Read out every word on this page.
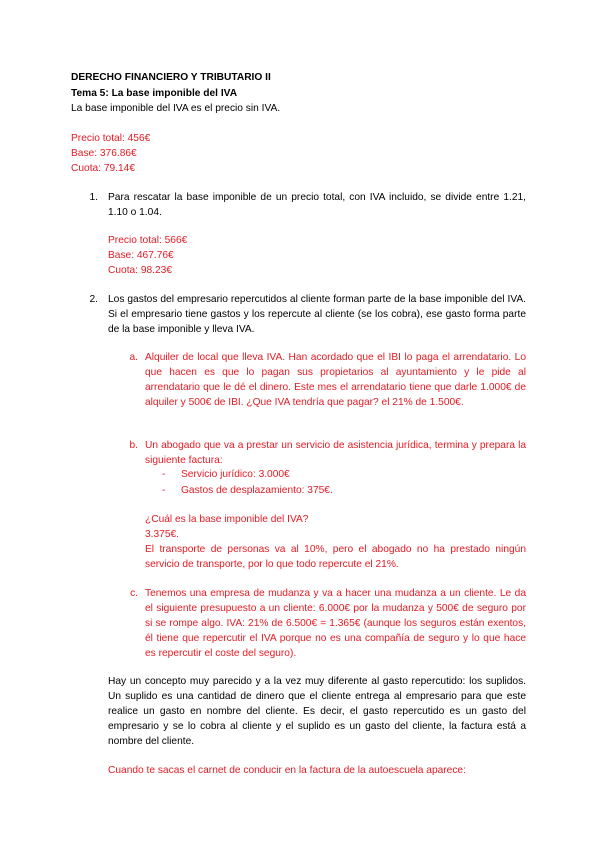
DERECHO FINANCIERO Y TRIBUTARIO II
Tema 5: La base imponible del IVA
La base imponible del IVA es el precio sin IVA.
Precio total: 456€
Base: 376.86€
Cuota: 79.14€
1. Para rescatar la base imponible de un precio total, con IVA incluido, se divide entre 1.21, 1.10 o 1.04.
Precio total: 566€
Base: 467.76€
Cuota: 98.23€
2. Los gastos del empresario repercutidos al cliente forman parte de la base imponible del IVA. Si el empresario tiene gastos y los repercute al cliente (se los cobra), ese gasto forma parte de la base imponible y lleva IVA.
a. Alquiler de local que lleva IVA. Han acordado que el IBI lo paga el arrendatario. Lo que hacen es que lo pagan sus propietarios al ayuntamiento y le pide al arrendatario que le dé el dinero. Este mes el arrendatario tiene que darle 1.000€ de alquiler y 500€ de IBI. ¿Que IVA tendría que pagar? el 21% de 1.500€.
b. Un abogado que va a prestar un servicio de asistencia jurídica, termina y prepara la siguiente factura:
- Servicio jurídico: 3.000€
- Gastos de desplazamiento: 375€.
¿Cuál es la base imponible del IVA?
3.375€.
El transporte de personas va al 10%, pero el abogado no ha prestado ningún servicio de transporte, por lo que todo repercute el 21%.
c. Tenemos una empresa de mudanza y va a hacer una mudanza a un cliente. Le da el siguiente presupuesto a un cliente: 6.000€ por la mudanza y 500€ de seguro por si se rompe algo. IVA: 21% de 6.500€ = 1.365€ (aunque los seguros están exentos, él tiene que repercutir el IVA porque no es una compañía de seguro y lo que hace es repercutir el coste del seguro).
Hay un concepto muy parecido y a la vez muy diferente al gasto repercutido: los suplidos. Un suplido es una cantidad de dinero que el cliente entrega al empresario para que este realice un gasto en nombre del cliente. Es decir, el gasto repercutido es un gasto del empresario y se lo cobra al cliente y el suplido es un gasto del cliente, la factura está a nombre del cliente.
Cuando te sacas el carnet de conducir en la factura de la autoescuela aparece:
